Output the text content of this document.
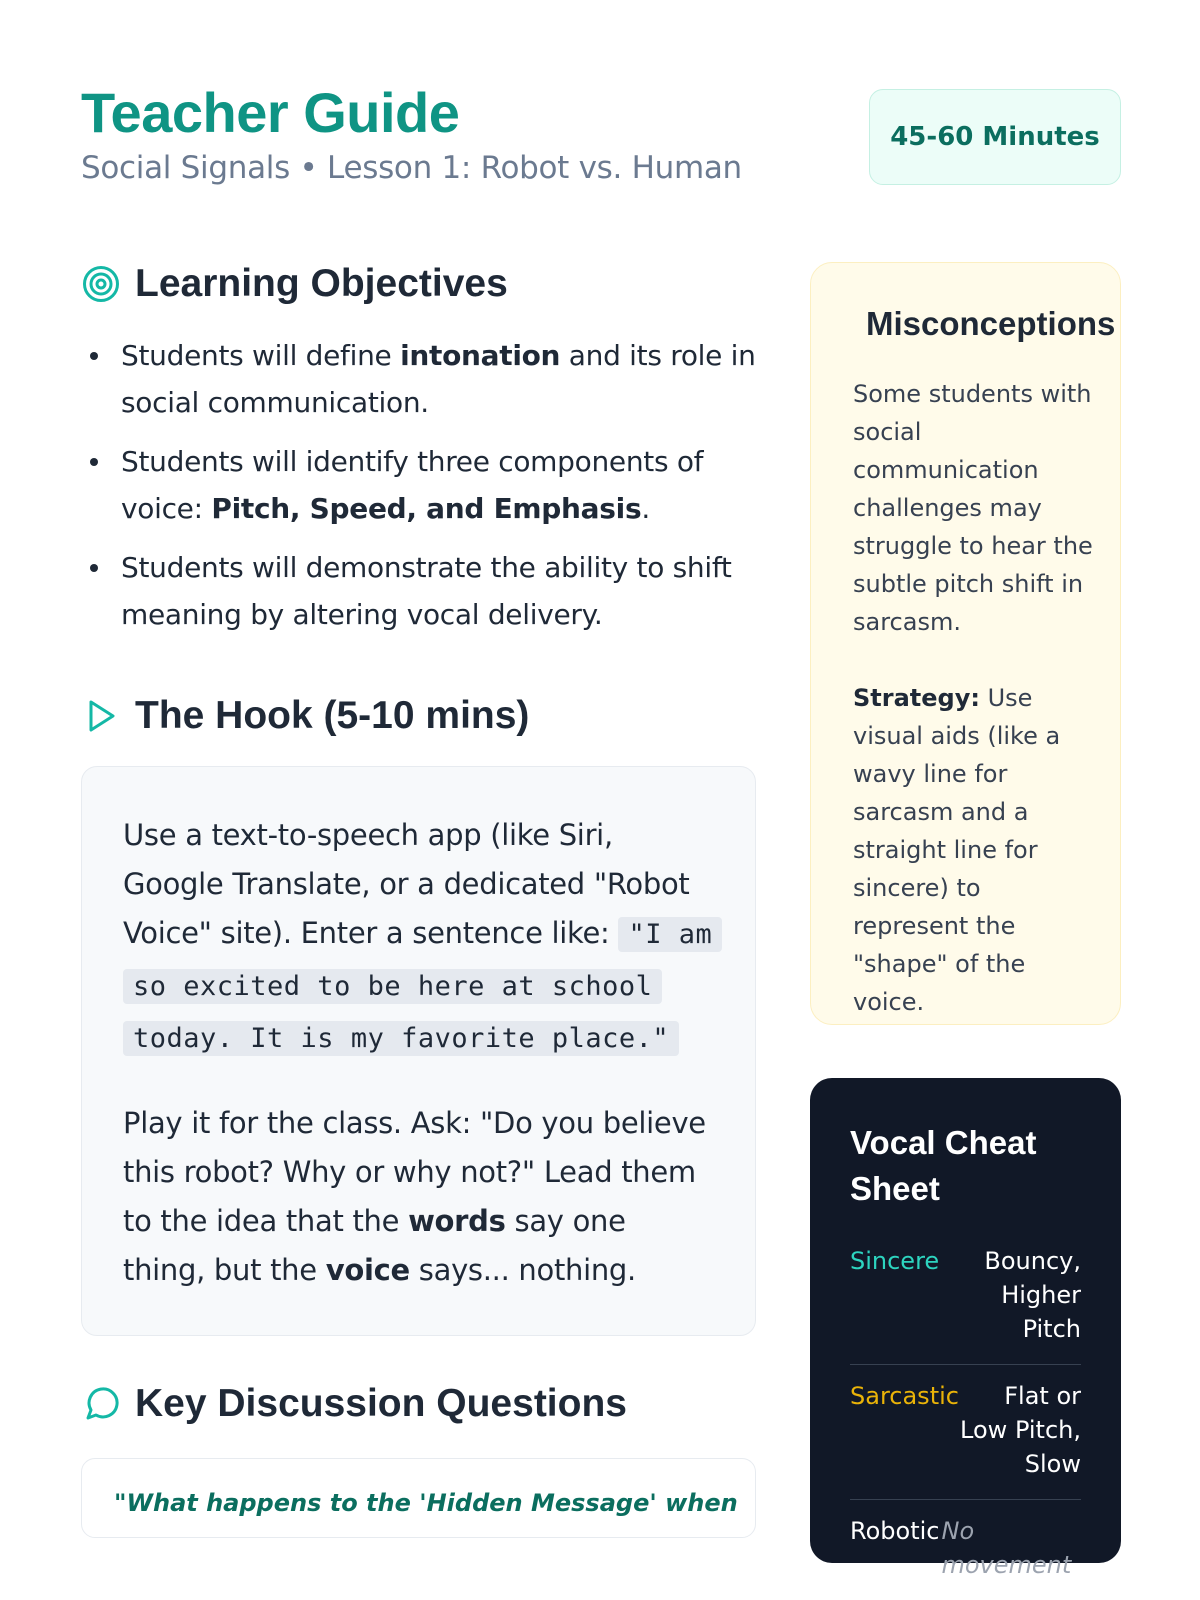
Teacher Guide
Social Signals • Lesson 1: Robot vs. Human
45-60 Minutes
Learning Objectives
Students will define intonation and its role in social communication.
Students will identify three components of voice: Pitch, Speed, and Emphasis.
Students will demonstrate the ability to shift meaning by altering vocal delivery.
The Hook (5-10 mins)

Use a text-to-speech app (like Siri, Google Translate, or a dedicated "Robot Voice" site). Enter a sentence like: "I am so excited to be here at school today. It is my favorite place."

Play it for the class. Ask: "Do you believe this robot? Why or why not?" Lead them to the idea that the words say one thing, but the voice says... nothing.

Key Discussion Questions
"What happens to the 'Hidden Message' when
Misconceptions
Some students with social communication challenges may struggle to hear the subtle pitch shift in sarcasm.
Strategy: Use visual aids (like a wavy line for sarcasm and a straight line for sincere) to represent the "shape" of the voice.
Vocal Cheat Sheet
Sincere	Bouncy, Higher Pitch
Sarcastic	Flat or Low Pitch, Slow
Robotic No movement
